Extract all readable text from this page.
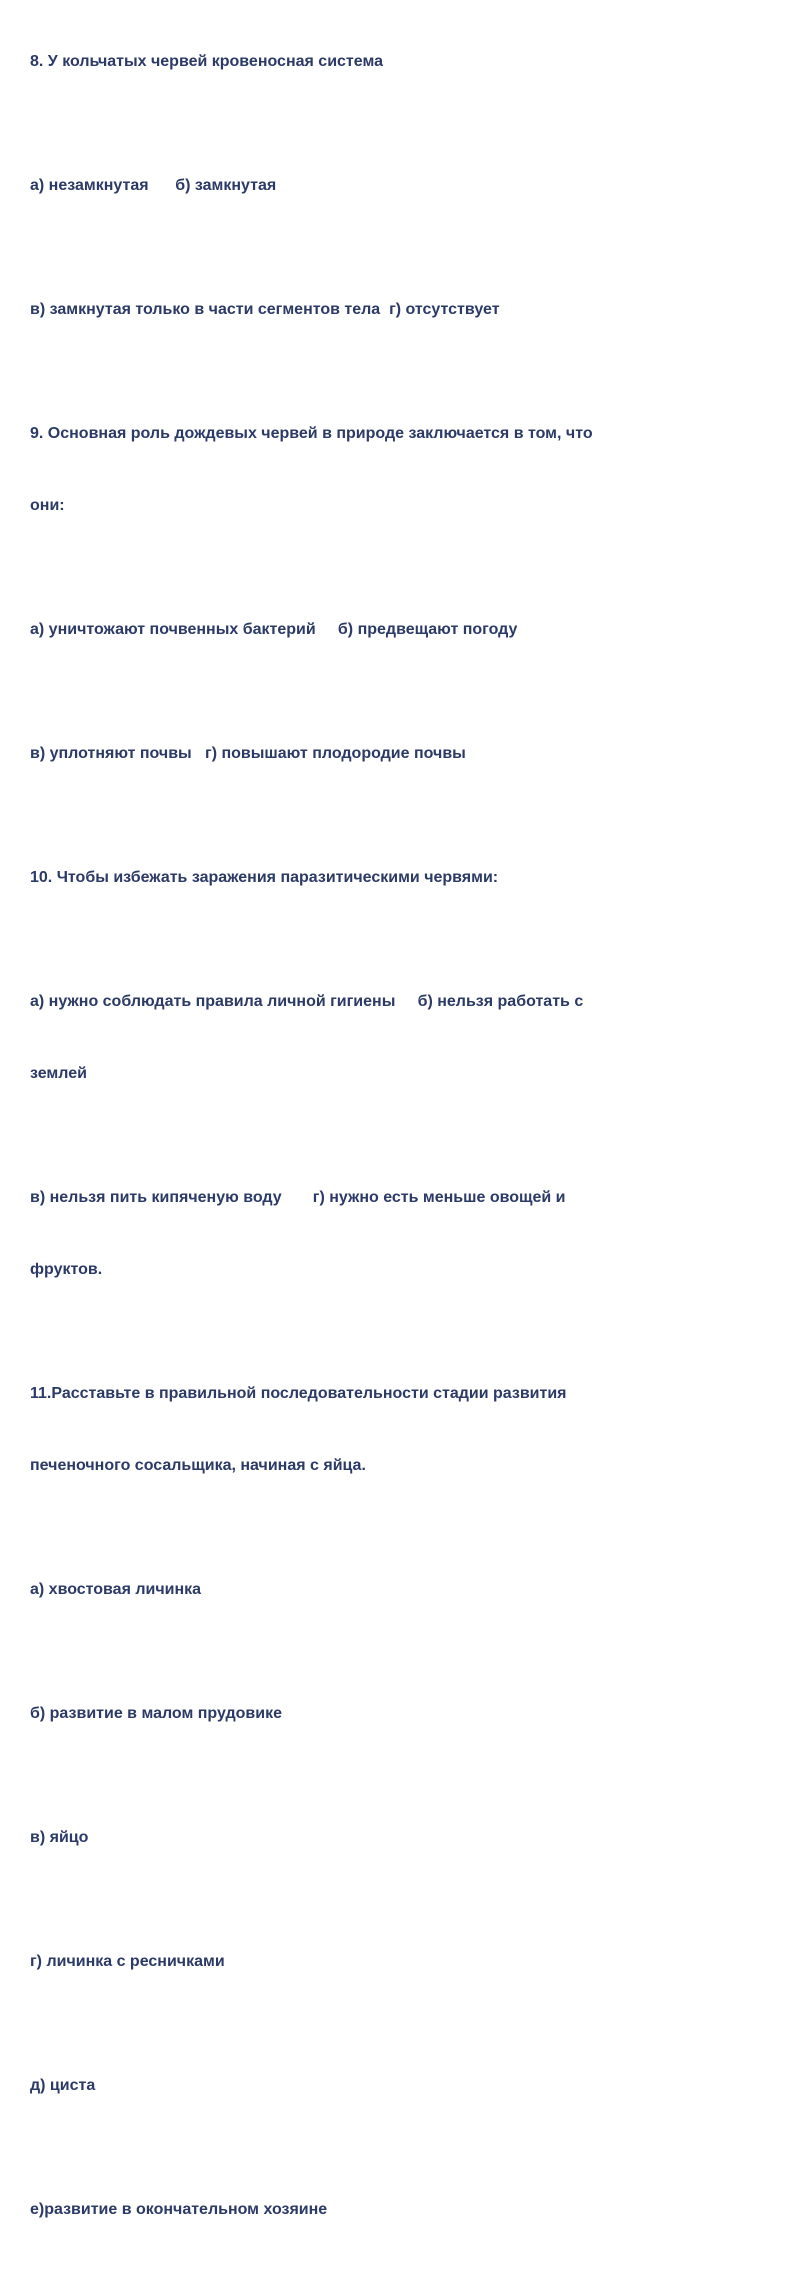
8. У кольчатых червей кровеносная система

а) незамкнутая      б) замкнутая

в) замкнутая только в части сегментов тела  г) отсутствует

9. Основная роль дождевых червей в природе заключается в том, что

они:

а) уничтожают почвенных бактерий     б) предвещают погоду

в) уплотняют почвы   г) повышают плодородие почвы

10. Чтобы избежать заражения паразитическими червями:

а) нужно соблюдать правила личной гигиены     б) нельзя работать с

землей

в) нельзя пить кипяченую воду       г) нужно есть меньше овощей и

фруктов.

11.Расставьте в правильной последовательности стадии развития

печеночного сосальщика, начиная с яйца.

а) хвостовая личинка

б) развитие в малом прудовике

в) яйцо

г) личинка с ресничками

д) циста

е)развитие в окончательном хозяине
